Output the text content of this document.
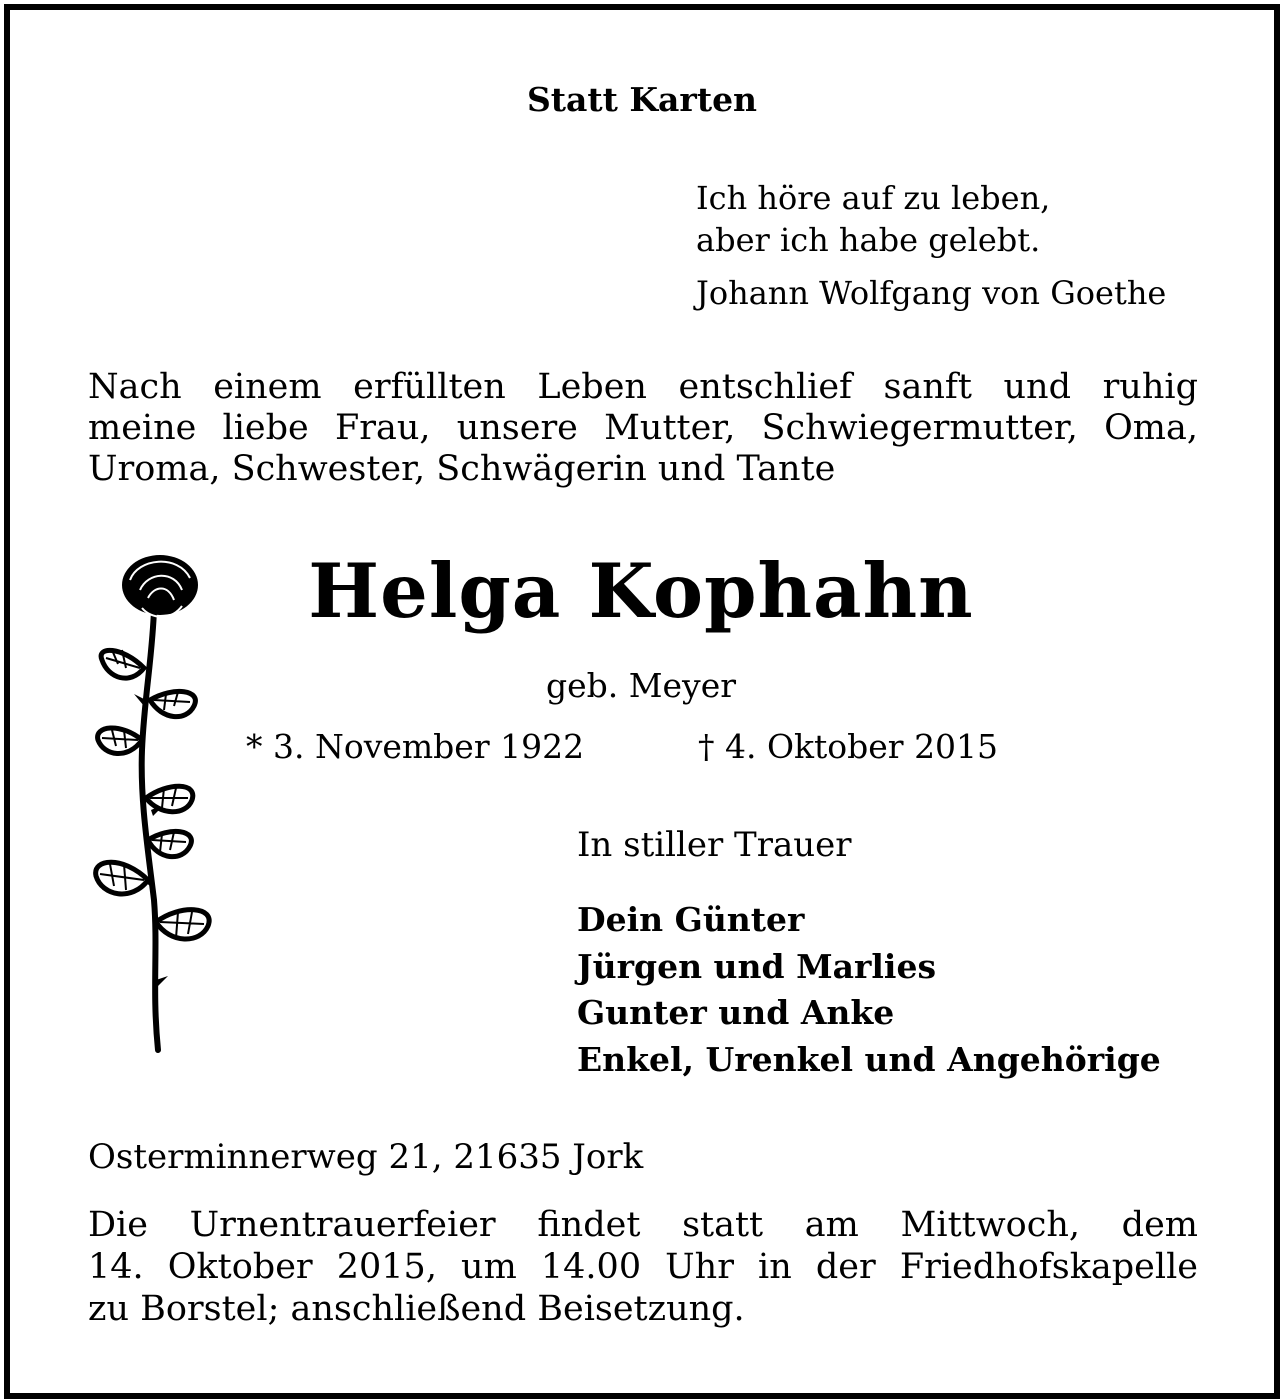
Statt Karten

Ich höre auf zu leben,

aber ich habe gelebt.

Johann Wolfgang von Goethe

Nach einem erfüllten Leben entschlief sanft und ruhig
meine liebe Frau, unsere Mutter, Schwiegermutter, Oma,
Uroma, Schwester, Schwägerin und Tante

Helga Kophahn

geb. Meyer

* 3. November 1922	† 4. Oktober 2015

In stiller Trauer

Dein Günter

Jürgen und Marlies

Gunter und Anke

Enkel, Urenkel und Angehörige

Osterminnerweg 21, 21635 Jork

Die Urnentrauerfeier findet statt am Mittwoch, dem
14. Oktober 2015, um 14.00 Uhr in der Friedhofskapelle
zu Borstel; anschließend Beisetzung.
